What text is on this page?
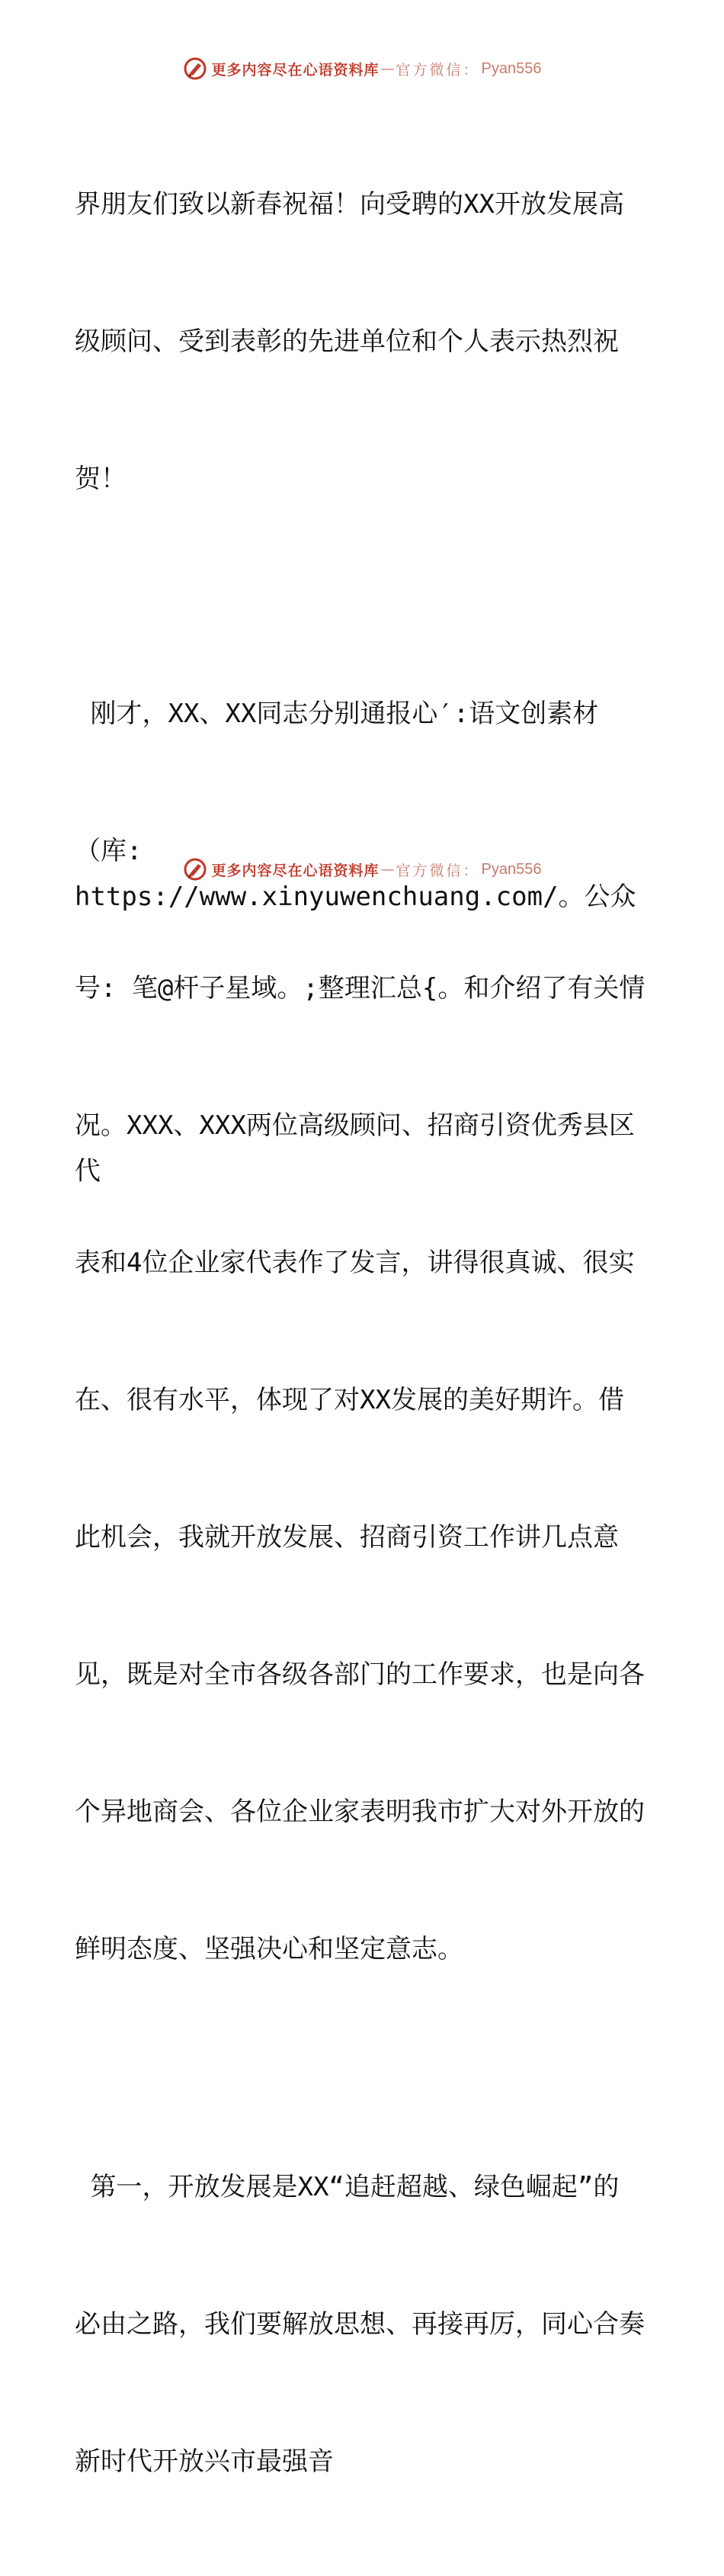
更多内容尽在心语资料库 — 官方微信： Pyan556

界朋友们致以新春祝福！向受聘的XX开放发展高

级顾问、受到表彰的先进单位和个人表示热烈祝

贺！

刚才，XX、XX同志分别通报心′:语文创素材

（库: https://www.xinyuwenchuang.com/。公众

号: 笔@杆子星域。;整理汇总{。和介绍了有关情

况。XXX、XXX两位高级顾问、招商引资优秀县区代

表和4位企业家代表作了发言，讲得很真诚、很实

在、很有水平，体现了对XX发展的美好期许。借

此机会，我就开放发展、招商引资工作讲几点意

见，既是对全市各级各部门的工作要求，也是向各

个异地商会、各位企业家表明我市扩大对外开放的

鲜明态度、坚强决心和坚定意志。

第一，开放发展是XX“追赶超越、绿色崛起”的

必由之路，我们要解放思想、再接再厉，同心合奏

新时代开放兴市最强音

更多内容尽在心语资料库 — 官方微信： Pyan556
